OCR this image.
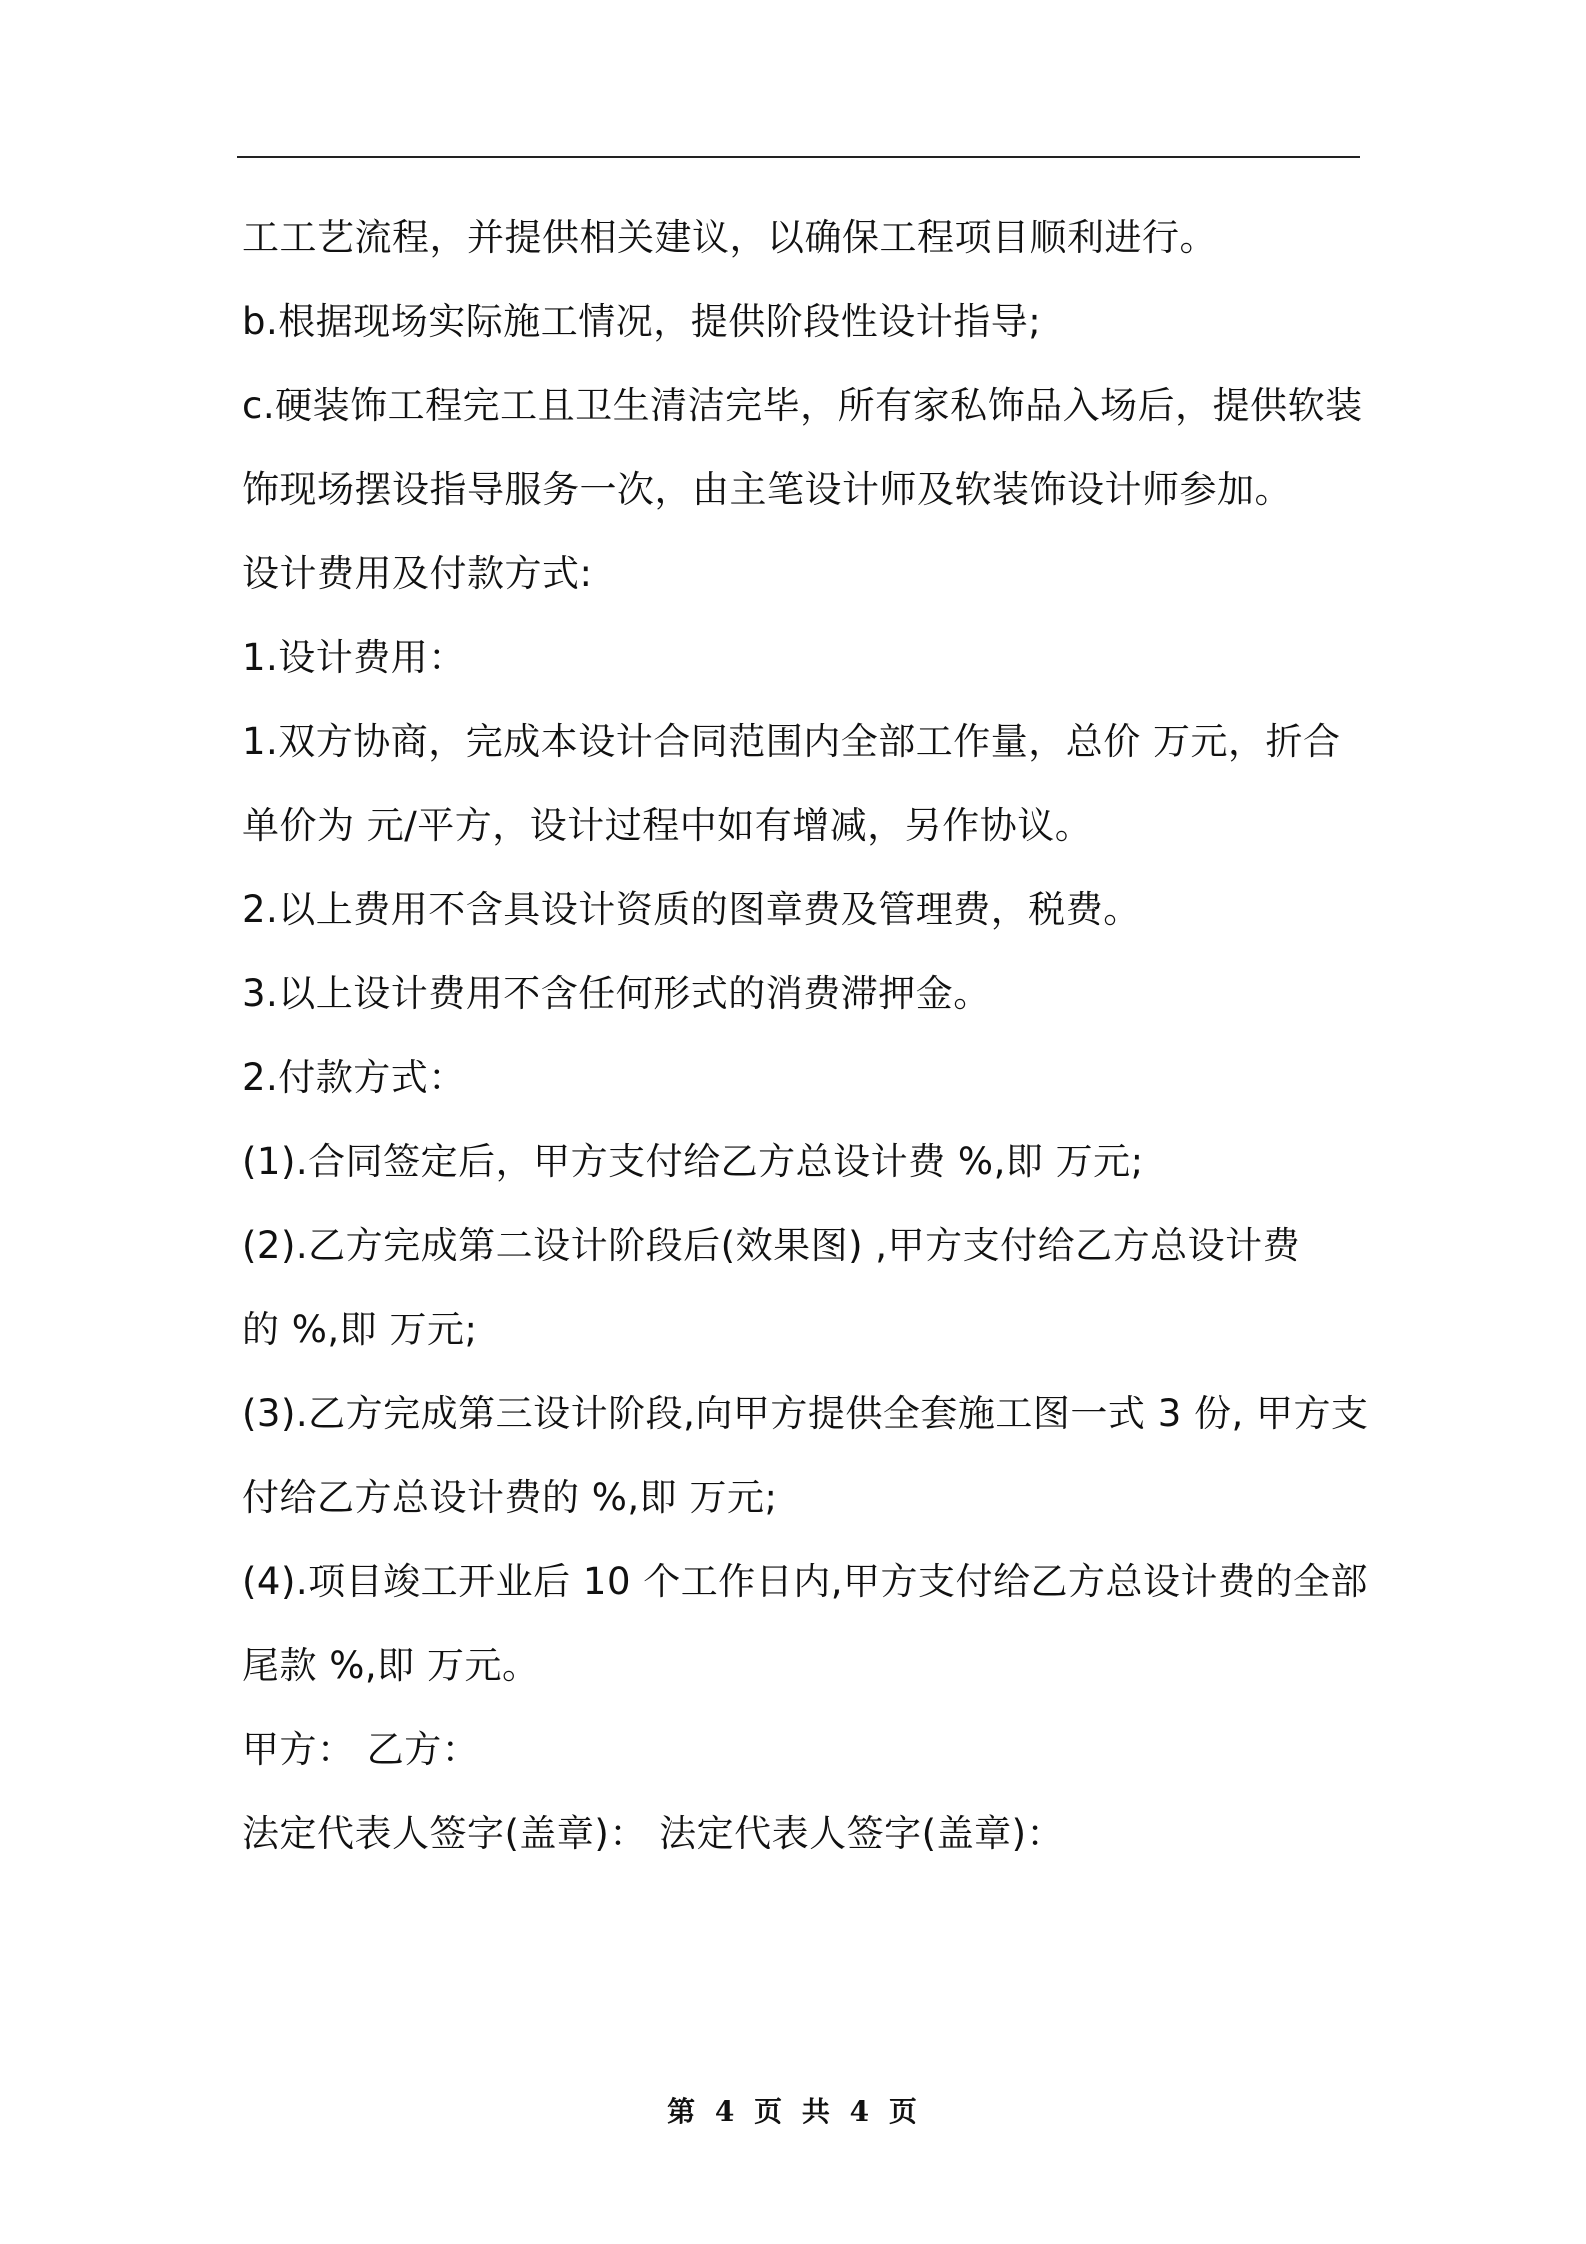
工工艺流程，并提供相关建议，以确保工程项目顺利进行。
b.根据现场实际施工情况，提供阶段性设计指导;
c.硬装饰工程完工且卫生清洁完毕，所有家私饰品入场后，提供软装
饰现场摆设指导服务一次，由主笔设计师及软装饰设计师参加。
设计费用及付款方式:
1.设计费用：
1.双方协商，完成本设计合同范围内全部工作量，总价 万元，折合
单价为 元/平方，设计过程中如有增减，另作协议。
2.以上费用不含具设计资质的图章费及管理费，税费。
3.以上设计费用不含任何形式的消费滞押金。
2.付款方式：
(1).合同签定后，甲方支付给乙方总设计费 %,即 万元;
(2).乙方完成第二设计阶段后(效果图) ,甲方支付给乙方总设计费
的 %,即 万元;
(3).乙方完成第三设计阶段,向甲方提供全套施工图一式 3 份, 甲方支
付给乙方总设计费的 %,即 万元;
(4).项目竣工开业后 10 个工作日内,甲方支付给乙方总设计费的全部
尾款 %,即 万元。
甲方： 乙方：
法定代表人签字(盖章)： 法定代表人签字(盖章)：
第 4 页 共 4 页
